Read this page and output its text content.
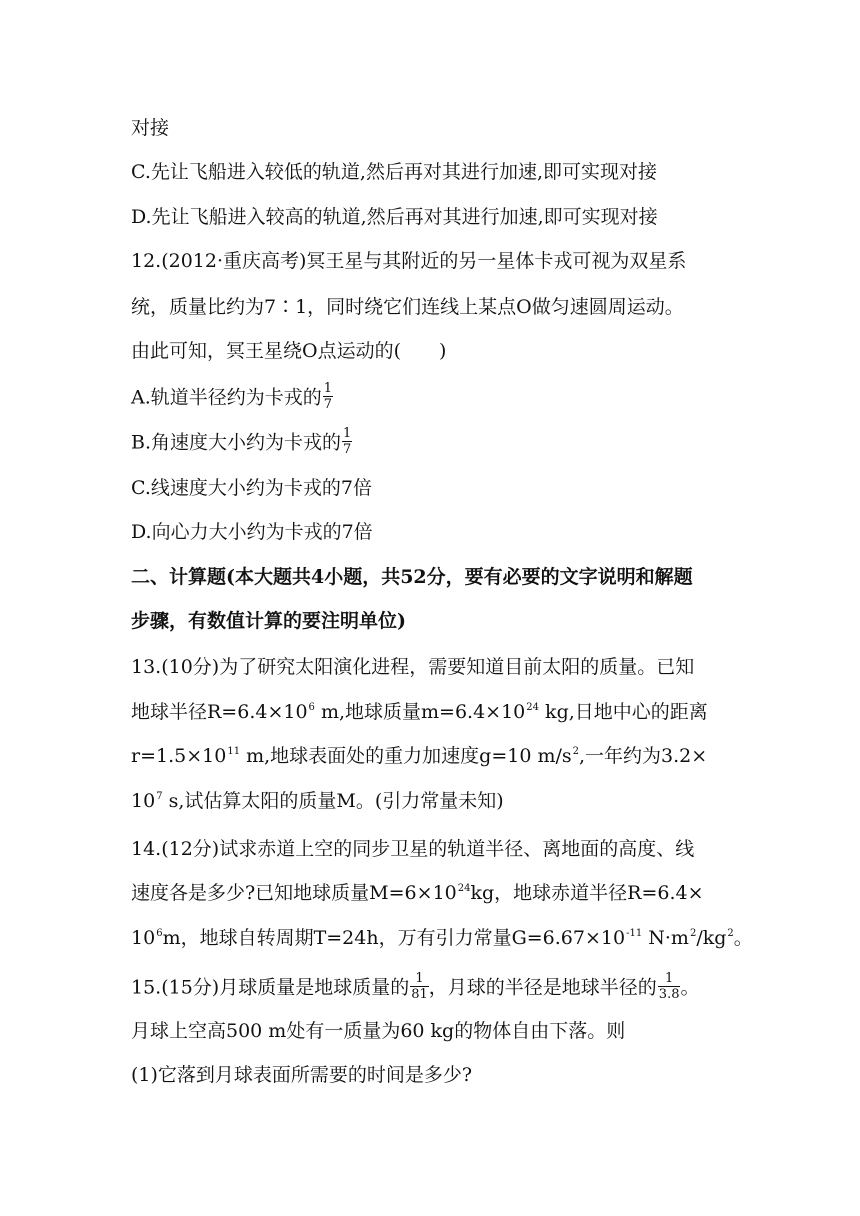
对接
C.先让飞船进入较低的轨道,然后再对其进行加速,即可实现对接
D.先让飞船进入较高的轨道,然后再对其进行加速,即可实现对接
12.(2012·重庆高考)冥王星与其附近的另一星体卡戎可视为双星系
统，质量比约为7∶1，同时绕它们连线上某点O做匀速圆周运动。
由此可知，冥王星绕O点运动的(　　)
A.轨道半径约为卡戎的 $\frac{1}{7}$
B.角速度大小约为卡戎的 $\frac{1}{7}$
C.线速度大小约为卡戎的7倍
D.向心力大小约为卡戎的7倍
二、计算题(本大题共4小题，共52分，要有必要的文字说明和解题
步骤，有数值计算的要注明单位)
13.(10分)为了研究太阳演化进程，需要知道目前太阳的质量。已知
地球半径$R=6.4\times 10^6$ m,地球质量$m=6.4\times 10^{24}$ kg,日地中心的距离
$r=1.5\times 10^{11}$ m,地球表面处的重力加速度g=10 $m/s^2$,一年约为3.2×
$10^7$ s,试估算太阳的质量M。(引力常量未知)
14.(12分)试求赤道上空的同步卫星的轨道半径、离地面的高度、线
速度各是多少?已知地球质量$M=6\times 10^{24}kg$，地球赤道半径R=6.4×
$10^6m$，地球自转周期T=24h，万有引力常量$G=6.67\times 10^{-11}$ $N\cdot m^2/kg^2$。
15.(15分)月球质量是地球质量的 $\frac{1}{81}$ ，月球的半径是地球半径的 $\frac{1}{3.8}$ 。
月球上空高500 m处有一质量为60 kg的物体自由下落。则
(1)它落到月球表面所需要的时间是多少?
